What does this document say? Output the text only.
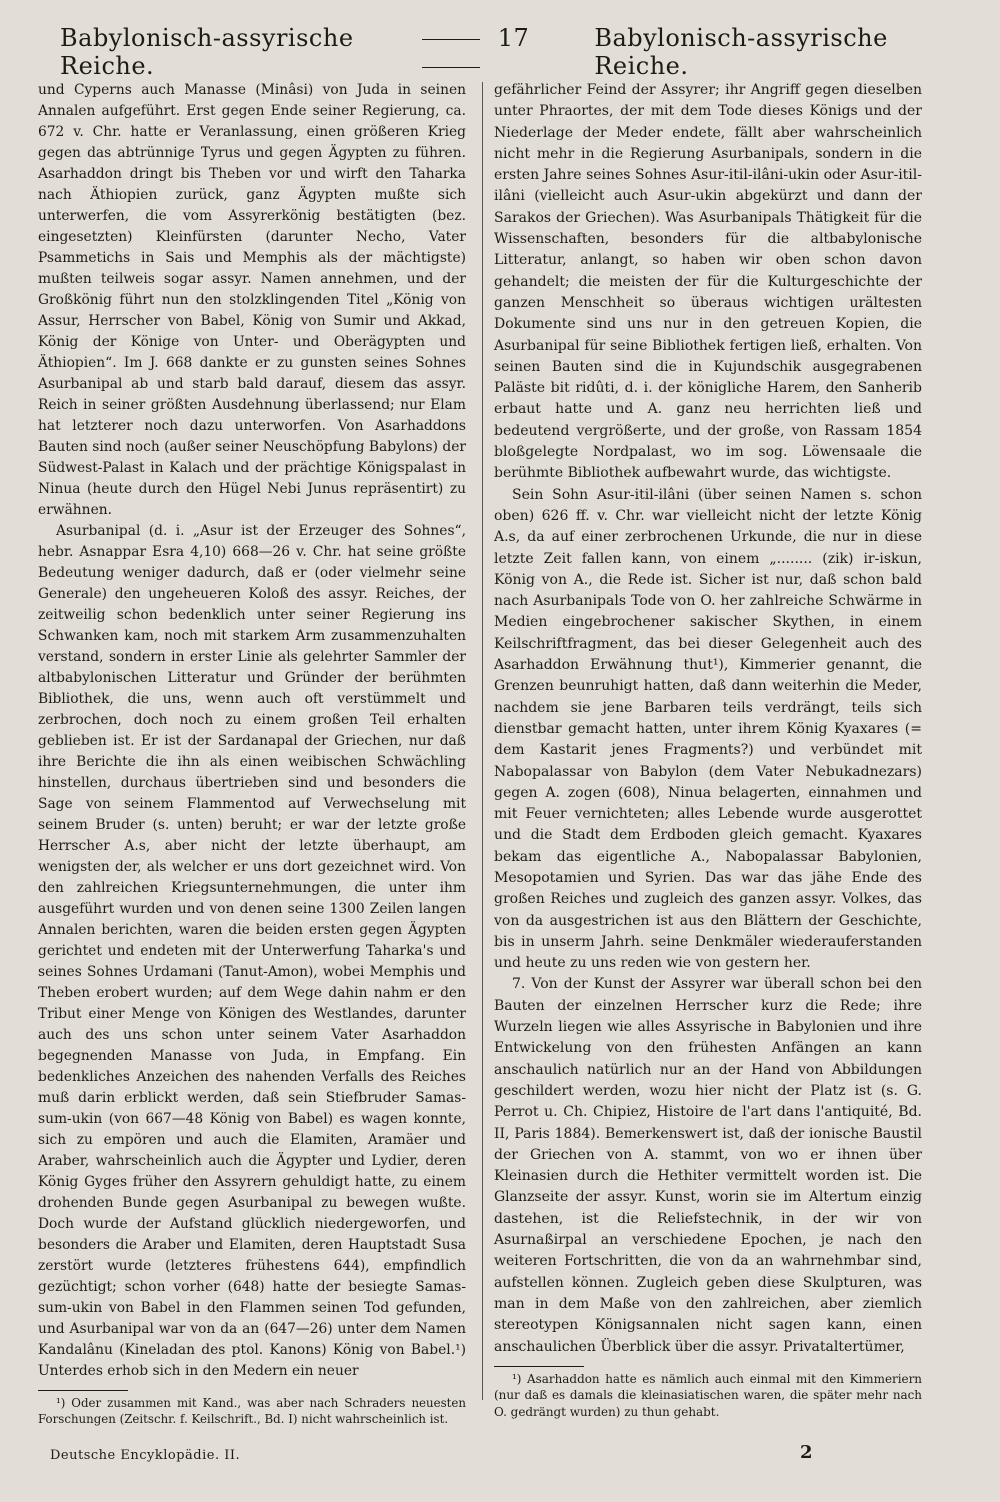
Babylonisch-assyrische Reiche.
17	Babylonisch-assyrische Reiche.

und Cyperns auch Manasse (Minâsi) von Juda in seinen Annalen aufgeführt. Erst gegen Ende seiner Regierung, ca. 672 v. Chr. hatte er Veranlassung, einen größeren Krieg gegen das abtrünnige Tyrus und gegen Ägypten zu führen. Asarhaddon dringt bis Theben vor und wirft den Taharka nach Äthiopien zurück, ganz Ägypten mußte sich unterwerfen, die vom Assyrerkönig bestätigten (bez. eingesetzten) Kleinfürsten (darunter Necho, Vater Psammetichs in Sais und Memphis als der mächtigste) mußten teilweis sogar assyr. Namen annehmen, und der Großkönig führt nun den stolzklingenden Titel „König von Assur, Herrscher von Babel, König von Sumir und Akkad, König der Könige von Unter- und Oberägypten und Äthiopien“. Im J. 668 dankte er zu gunsten seines Sohnes Asurbanipal ab und starb bald darauf, diesem das assyr. Reich in seiner größten Ausdehnung überlassend; nur Elam hat letzterer noch dazu unterworfen. Von Asarhaddons Bauten sind noch (außer seiner Neuschöpfung Babylons) der Südwest-Palast in Kalach und der prächtige Königspalast in Ninua (heute durch den Hügel Nebi Junus repräsentirt) zu erwähnen.

Asurbanipal (d. i. „Asur ist der Erzeuger des Sohnes“, hebr. Asnappar Esra 4,10) 668—26 v. Chr. hat seine größte Bedeutung weniger dadurch, daß er (oder vielmehr seine Generale) den ungeheueren Koloß des assyr. Reiches, der zeitweilig schon bedenklich unter seiner Regierung ins Schwanken kam, noch mit starkem Arm zusammenzuhalten verstand, sondern in erster Linie als gelehrter Sammler der altbabylonischen Litteratur und Gründer der berühmten Bibliothek, die uns, wenn auch oft verstümmelt und zerbrochen, doch noch zu einem großen Teil erhalten geblieben ist. Er ist der Sardanapal der Griechen, nur daß ihre Berichte die ihn als einen weibischen Schwächling hinstellen, durchaus übertrieben sind und besonders die Sage von seinem Flammentod auf Verwechselung mit seinem Bruder (s. unten) beruht; er war der letzte große Herrscher A.s, aber nicht der letzte überhaupt, am wenigsten der, als welcher er uns dort gezeichnet wird. Von den zahlreichen Kriegsunternehmungen, die unter ihm ausgeführt wurden und von denen seine 1300 Zeilen langen Annalen berichten, waren die beiden ersten gegen Ägypten gerichtet und endeten mit der Unterwerfung Taharka's und seines Sohnes Urdamani (Tanut-Amon), wobei Memphis und Theben erobert wurden; auf dem Wege dahin nahm er den Tribut einer Menge von Königen des Westlandes, darunter auch des uns schon unter seinem Vater Asarhaddon begegnenden Manasse von Juda, in Empfang. Ein bedenkliches Anzeichen des nahenden Verfalls des Reiches muß darin erblickt werden, daß sein Stiefbruder Samas-sum-ukin (von 667—48 König von Babel) es wagen konnte, sich zu empören und auch die Elamiten, Aramäer und Araber, wahrscheinlich auch die Ägypter und Lydier, deren König Gyges früher den Assyrern gehuldigt hatte, zu einem drohenden Bunde gegen Asurbanipal zu bewegen wußte. Doch wurde der Aufstand glücklich niedergeworfen, und besonders die Araber und Elamiten, deren Hauptstadt Susa zerstört wurde (letzteres frühestens 644), empfindlich gezüchtigt; schon vorher (648) hatte der besiegte Samas-sum-ukin von Babel in den Flammen seinen Tod gefunden, und Asurbanipal war von da an (647—26) unter dem Namen Kandalânu (Kineladan des ptol. Kanons) König von Babel.¹) Unterdes erhob sich in den Medern ein neuer

¹) Oder zusammen mit Kand., was aber nach Schraders neuesten Forschungen (Zeitschr. f. Keilschrift., Bd. I) nicht wahrscheinlich ist.

gefährlicher Feind der Assyrer; ihr Angriff gegen dieselben unter Phraortes, der mit dem Tode dieses Königs und der Niederlage der Meder endete, fällt aber wahrscheinlich nicht mehr in die Regierung Asurbanipals, sondern in die ersten Jahre seines Sohnes Asur-itil-ilâni-ukin oder Asur-itil-ilâni (vielleicht auch Asur-ukin abgekürzt und dann der Sarakos der Griechen). Was Asurbanipals Thätigkeit für die Wissenschaften, besonders für die altbabylonische Litteratur, anlangt, so haben wir oben schon davon gehandelt; die meisten der für die Kulturgeschichte der ganzen Menschheit so überaus wichtigen urältesten Dokumente sind uns nur in den getreuen Kopien, die Asurbanipal für seine Bibliothek fertigen ließ, erhalten. Von seinen Bauten sind die in Kujundschik ausgegrabenen Paläste bit ridûti, d. i. der königliche Harem, den Sanherib erbaut hatte und A. ganz neu herrichten ließ und bedeutend vergrößerte, und der große, von Rassam 1854 bloßgelegte Nordpalast, wo im sog. Löwensaale die berühmte Bibliothek aufbewahrt wurde, das wichtigste.

Sein Sohn Asur-itil-ilâni (über seinen Namen s. schon oben) 626 ff. v. Chr. war vielleicht nicht der letzte König A.s, da auf einer zerbrochenen Urkunde, die nur in diese letzte Zeit fallen kann, von einem „........ (zik) ir-iskun, König von A., die Rede ist. Sicher ist nur, daß schon bald nach Asurbanipals Tode von O. her zahlreiche Schwärme in Medien eingebrochener sakischer Skythen, in einem Keilschriftfragment, das bei dieser Gelegenheit auch des Asarhaddon Erwähnung thut¹), Kimmerier genannt, die Grenzen beunruhigt hatten, daß dann weiterhin die Meder, nachdem sie jene Barbaren teils verdrängt, teils sich dienstbar gemacht hatten, unter ihrem König Kyaxares (= dem Kastarit jenes Fragments?) und verbündet mit Nabopalassar von Babylon (dem Vater Nebukadnezars) gegen A. zogen (608), Ninua belagerten, einnahmen und mit Feuer vernichteten; alles Lebende wurde ausgerottet und die Stadt dem Erdboden gleich gemacht. Kyaxares bekam das eigentliche A., Nabopalassar Babylonien, Mesopotamien und Syrien. Das war das jähe Ende des großen Reiches und zugleich des ganzen assyr. Volkes, das von da ausgestrichen ist aus den Blättern der Geschichte, bis in unserm Jahrh. seine Denkmäler wiederauferstanden und heute zu uns reden wie von gestern her.

7. Von der Kunst der Assyrer war überall schon bei den Bauten der einzelnen Herrscher kurz die Rede; ihre Wurzeln liegen wie alles Assyrische in Babylonien und ihre Entwickelung von den frühesten Anfängen an kann anschaulich natürlich nur an der Hand von Abbildungen geschildert werden, wozu hier nicht der Platz ist (s. G. Perrot u. Ch. Chipiez, Histoire de l'art dans l'antiquité, Bd. II, Paris 1884). Bemerkenswert ist, daß der ionische Baustil der Griechen von A. stammt, von wo er ihnen über Kleinasien durch die Hethiter vermittelt worden ist. Die Glanzseite der assyr. Kunst, worin sie im Altertum einzig dastehen, ist die Reliefstechnik, in der wir von Asurnaßirpal an verschiedene Epochen, je nach den weiteren Fortschritten, die von da an wahrnehmbar sind, aufstellen können. Zugleich geben diese Skulpturen, was man in dem Maße von den zahlreichen, aber ziemlich stereotypen Königsannalen nicht sagen kann, einen anschaulichen Überblick über die assyr. Privataltertümer,

¹) Asarhaddon hatte es nämlich auch einmal mit den Kimmeriern (nur daß es damals die kleinasiatischen waren, die später mehr nach O. gedrängt wurden) zu thun gehabt.

Deutsche Encyklopädie. II.	2
